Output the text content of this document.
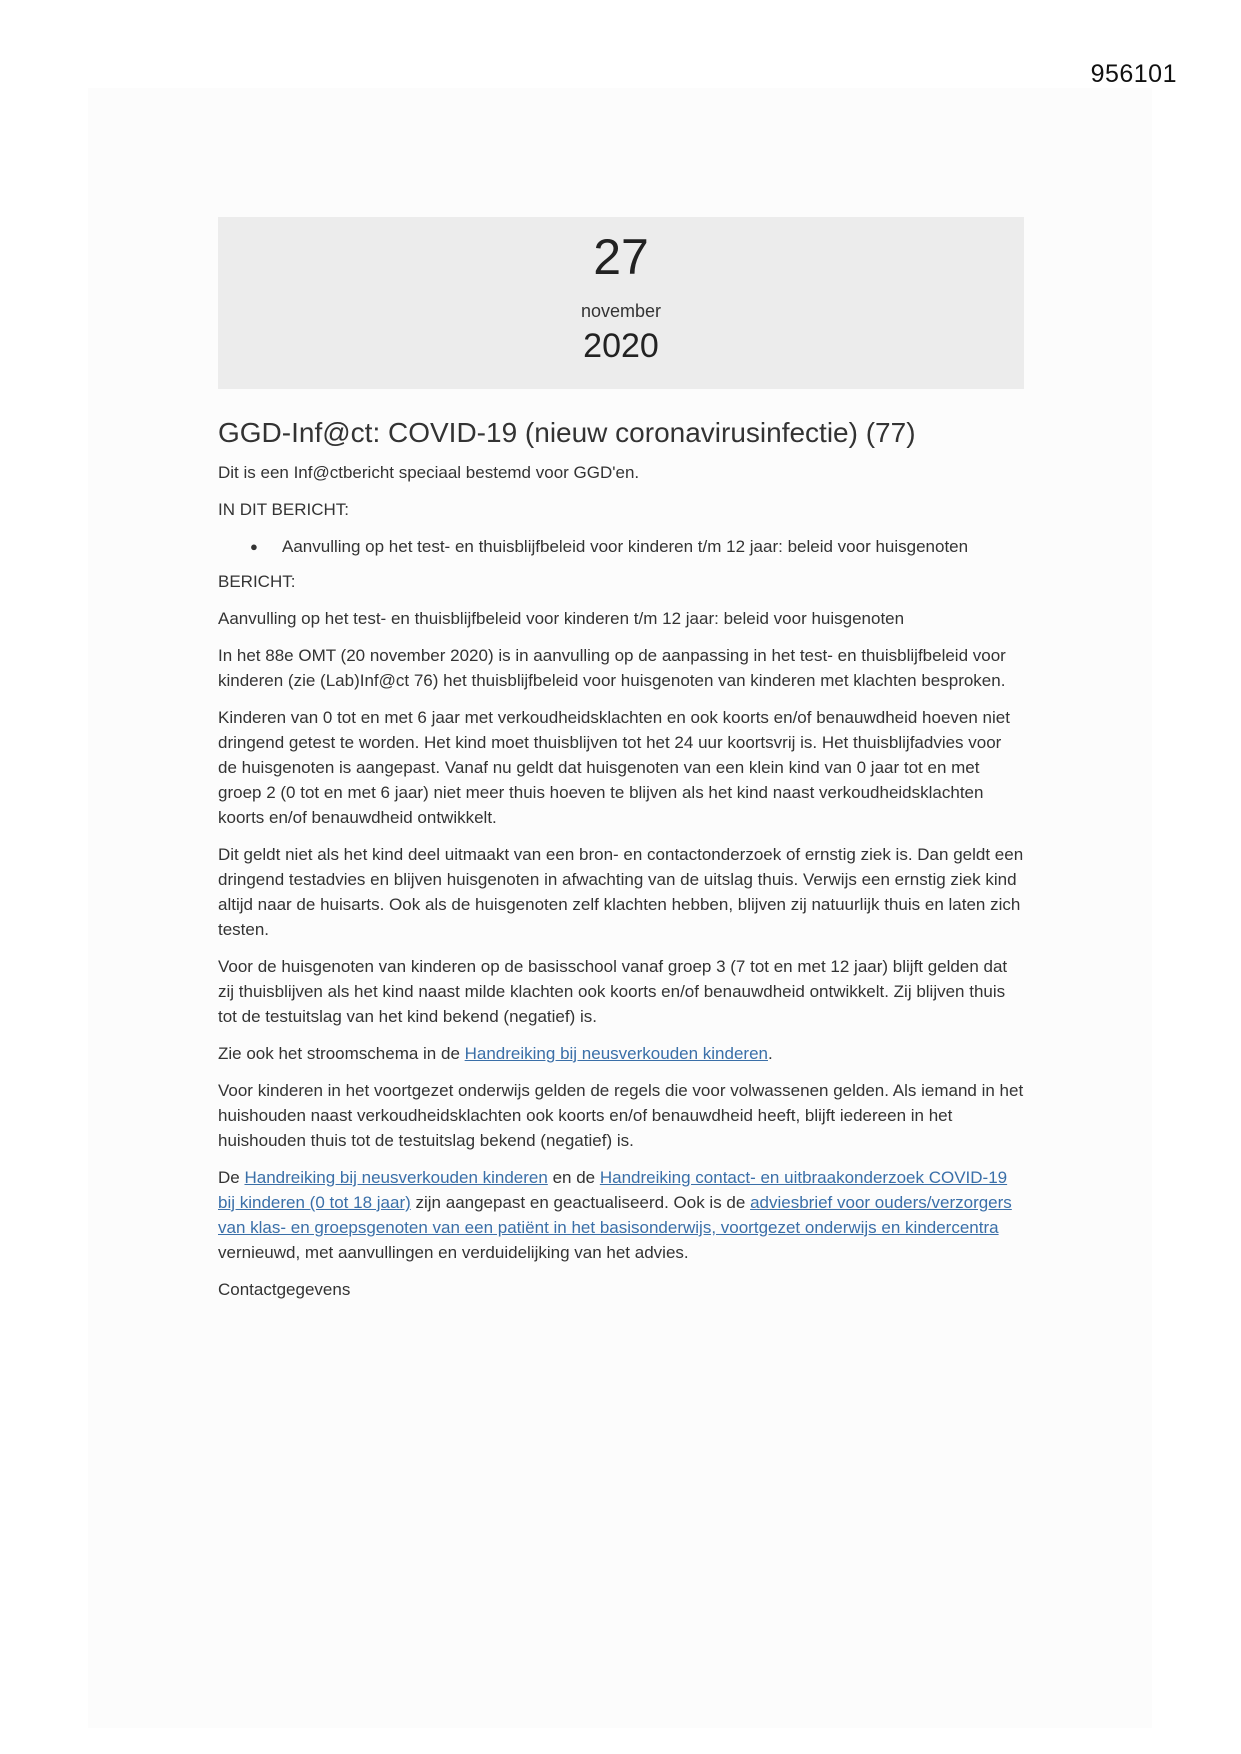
956101
27
november
2020
GGD-Inf@ct: COVID-19 (nieuw coronavirusinfectie) (77)

Dit is een Inf@ctbericht speciaal bestemd voor GGD'en.

IN DIT BERICHT:

● Aanvulling op het test- en thuisblijfbeleid voor kinderen t/m 12 jaar: beleid voor huisgenoten

BERICHT:

Aanvulling op het test- en thuisblijfbeleid voor kinderen t/m 12 jaar: beleid voor huisgenoten

In het 88e OMT (20 november 2020) is in aanvulling op de aanpassing in het test- en thuisblijfbeleid voor kinderen (zie (Lab)Inf@ct 76) het thuisblijfbeleid voor huisgenoten van kinderen met klachten besproken.

Kinderen van 0 tot en met 6 jaar met verkoudheidsklachten en ook koorts en/of benauwdheid hoeven niet dringend getest te worden. Het kind moet thuisblijven tot het 24 uur koortsvrij is. Het thuisblijfadvies voor de huisgenoten is aangepast. Vanaf nu geldt dat huisgenoten van een klein kind van 0 jaar tot en met groep 2 (0 tot en met 6 jaar) niet meer thuis hoeven te blijven als het kind naast verkoudheidsklachten koorts en/of benauwdheid ontwikkelt.

Dit geldt niet als het kind deel uitmaakt van een bron- en contactonderzoek of ernstig ziek is. Dan geldt een dringend testadvies en blijven huisgenoten in afwachting van de uitslag thuis. Verwijs een ernstig ziek kind altijd naar de huisarts. Ook als de huisgenoten zelf klachten hebben, blijven zij natuurlijk thuis en laten zich testen.

Voor de huisgenoten van kinderen op de basisschool vanaf groep 3 (7 tot en met 12 jaar) blijft gelden dat zij thuisblijven als het kind naast milde klachten ook koorts en/of benauwdheid ontwikkelt. Zij blijven thuis tot de testuitslag van het kind bekend (negatief) is.

Zie ook het stroomschema in de Handreiking bij neusverkouden kinderen.

Voor kinderen in het voortgezet onderwijs gelden de regels die voor volwassenen gelden. Als iemand in het huishouden naast verkoudheidsklachten ook koorts en/of benauwdheid heeft, blijft iedereen in het huishouden thuis tot de testuitslag bekend (negatief) is.

De Handreiking bij neusverkouden kinderen en de Handreiking contact- en uitbraakonderzoek COVID-19 bij kinderen (0 tot 18 jaar) zijn aangepast en geactualiseerd. Ook is de adviesbrief voor ouders/verzorgers van klas- en groepsgenoten van een patiënt in het basisonderwijs, voortgezet onderwijs en kindercentra vernieuwd, met aanvullingen en verduidelijking van het advies.

Contactgegevens
